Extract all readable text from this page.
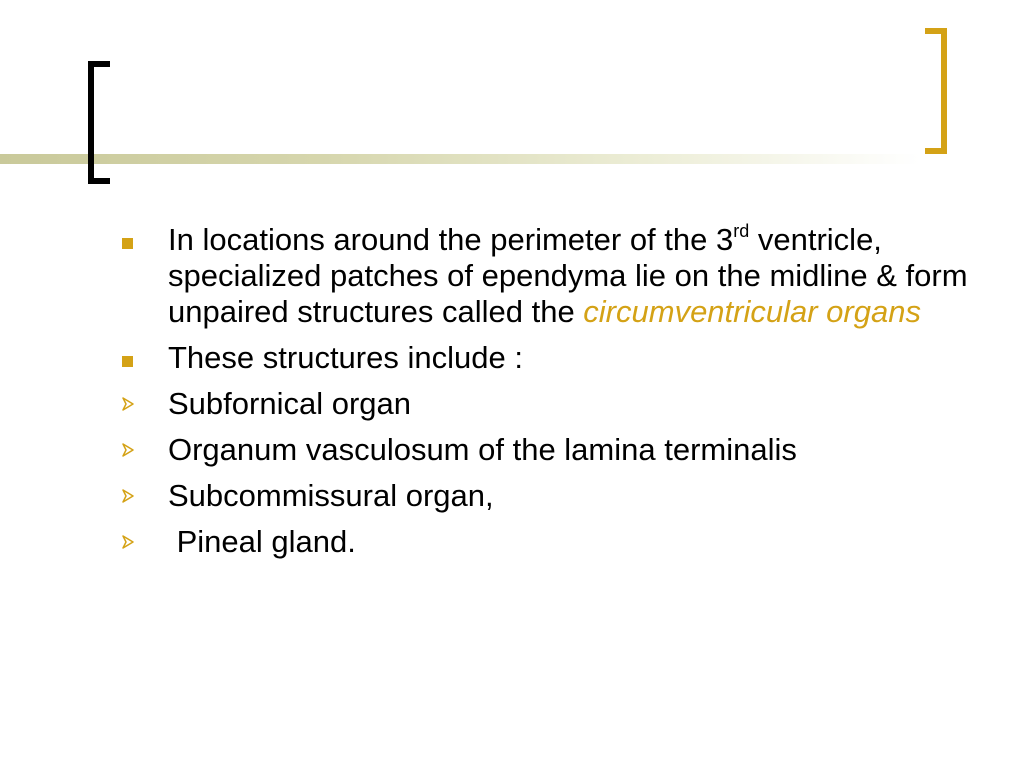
In locations around the perimeter of the 3rd ventricle, specialized patches of ependyma lie on the midline & form unpaired structures called the circumventricular organs
These structures include :
Subfornical organ
Organum vasculosum of the lamina terminalis
Subcommissural organ,
Pineal gland.
